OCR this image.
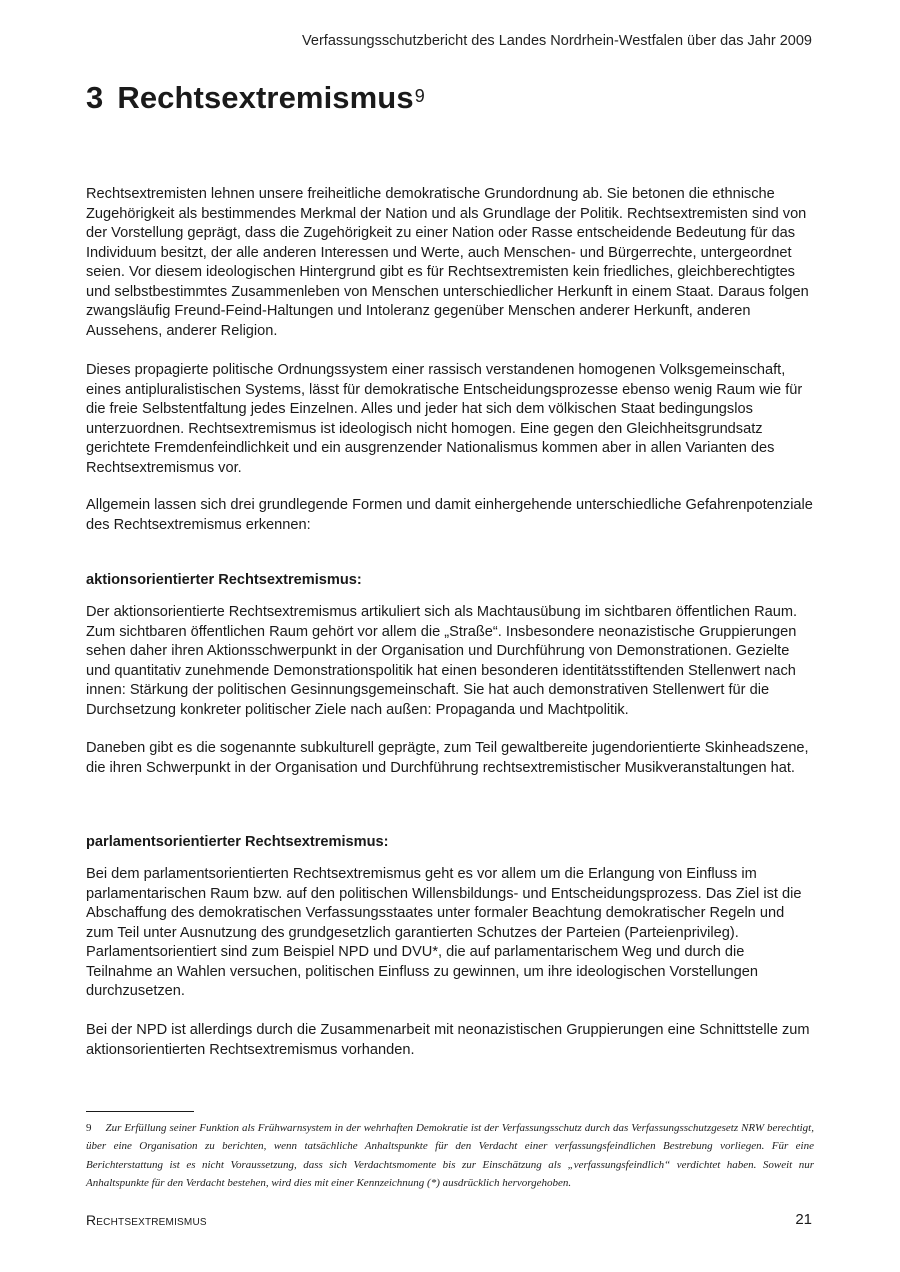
Verfassungsschutzbericht des Landes Nordrhein-Westfalen über das Jahr 2009
3 Rechtsextremismus$^9$

Rechtsextremisten lehnen unsere freiheitliche demokratische Grundordnung ab. Sie betonen die ethnische Zugehörigkeit als bestimmendes Merkmal der Nation und als Grundlage der Politik. Rechtsextremisten sind von der Vorstellung geprägt, dass die Zugehörigkeit zu einer Nation oder Rasse entscheidende Bedeutung für das Individuum besitzt, der alle anderen Interessen und Werte, auch Menschen- und Bürgerrechte, untergeordnet seien. Vor diesem ideologischen Hintergrund gibt es für Rechtsextremisten kein friedliches, gleichberechtigtes und selbstbestimmtes Zusammenleben von Menschen unterschiedlicher Herkunft in einem Staat. Daraus folgen zwangsläufig Freund-Feind-Haltungen und Intoleranz gegenüber Menschen anderer Herkunft, anderen Aussehens, anderer Religion.

Dieses propagierte politische Ordnungssystem einer rassisch verstandenen homogenen Volksgemeinschaft, eines antipluralistischen Systems, lässt für demokratische Entscheidungsprozesse ebenso wenig Raum wie für die freie Selbstentfaltung jedes Einzelnen. Alles und jeder hat sich dem völkischen Staat bedingungslos unterzuordnen. Rechtsextremismus ist ideologisch nicht homogen. Eine gegen den Gleichheitsgrundsatz gerichtete Fremdenfeindlichkeit und ein ausgrenzender Nationalismus kommen aber in allen Varianten des Rechtsextremismus vor.

Allgemein lassen sich drei grundlegende Formen und damit einhergehende unterschiedliche Gefahrenpotenziale des Rechtsextremismus erkennen:

aktionsorientierter Rechtsextremismus:

Der aktionsorientierte Rechtsextremismus artikuliert sich als Machtausübung im sichtbaren öffentlichen Raum. Zum sichtbaren öffentlichen Raum gehört vor allem die „Straße“. Insbesondere neonazistische Gruppierungen sehen daher ihren Aktionsschwerpunkt in der Organisation und Durchführung von Demonstrationen. Gezielte und quantitativ zunehmende Demonstrationspolitik hat einen besonderen identitätsstiftenden Stellenwert nach innen: Stärkung der politischen Gesinnungsgemeinschaft. Sie hat auch demonstrativen Stellenwert für die Durchsetzung konkreter politischer Ziele nach außen: Propaganda und Machtpolitik.

Daneben gibt es die sogenannte subkulturell geprägte, zum Teil gewaltbereite jugendorientierte Skinheadszene, die ihren Schwerpunkt in der Organisation und Durchführung rechtsextremistischer Musikveranstaltungen hat.

parlamentsorientierter Rechtsextremismus:

Bei dem parlamentsorientierten Rechtsextremismus geht es vor allem um die Erlangung von Einfluss im parlamentarischen Raum bzw. auf den politischen Willensbildungs- und Entscheidungsprozess. Das Ziel ist die Abschaffung des demokratischen Verfassungsstaates unter formaler Beachtung demokratischer Regeln und zum Teil unter Ausnutzung des grundgesetzlich garantierten Schutzes der Parteien (Parteienprivileg). Parlamentsorientiert sind zum Beispiel NPD und DVU*, die auf parlamentarischem Weg und durch die Teilnahme an Wahlen versuchen, politischen Einfluss zu gewinnen, um ihre ideologischen Vorstellungen durchzusetzen.

Bei der NPD ist allerdings durch die Zusammenarbeit mit neonazistischen Gruppierungen eine Schnittstelle zum aktionsorientierten Rechtsextremismus vorhanden.

9 Zur Erfüllung seiner Funktion als Frühwarnsystem in der wehrhaften Demokratie ist der Verfassungsschutz durch das Verfassungsschutzgesetz NRW berechtigt, über eine Organisation zu berichten, wenn tatsächliche Anhaltspunkte für den Verdacht einer verfassungsfeindlichen Bestrebung vorliegen. Für eine Berichterstattung ist es nicht Voraussetzung, dass sich Verdachtsmomente bis zur Einschätzung als „verfassungsfeindlich“ verdichtet haben. Soweit nur Anhaltspunkte für den Verdacht bestehen, wird dies mit einer Kennzeichnung (*) ausdrücklich hervorgehoben.

Rechtsextremismus	21
